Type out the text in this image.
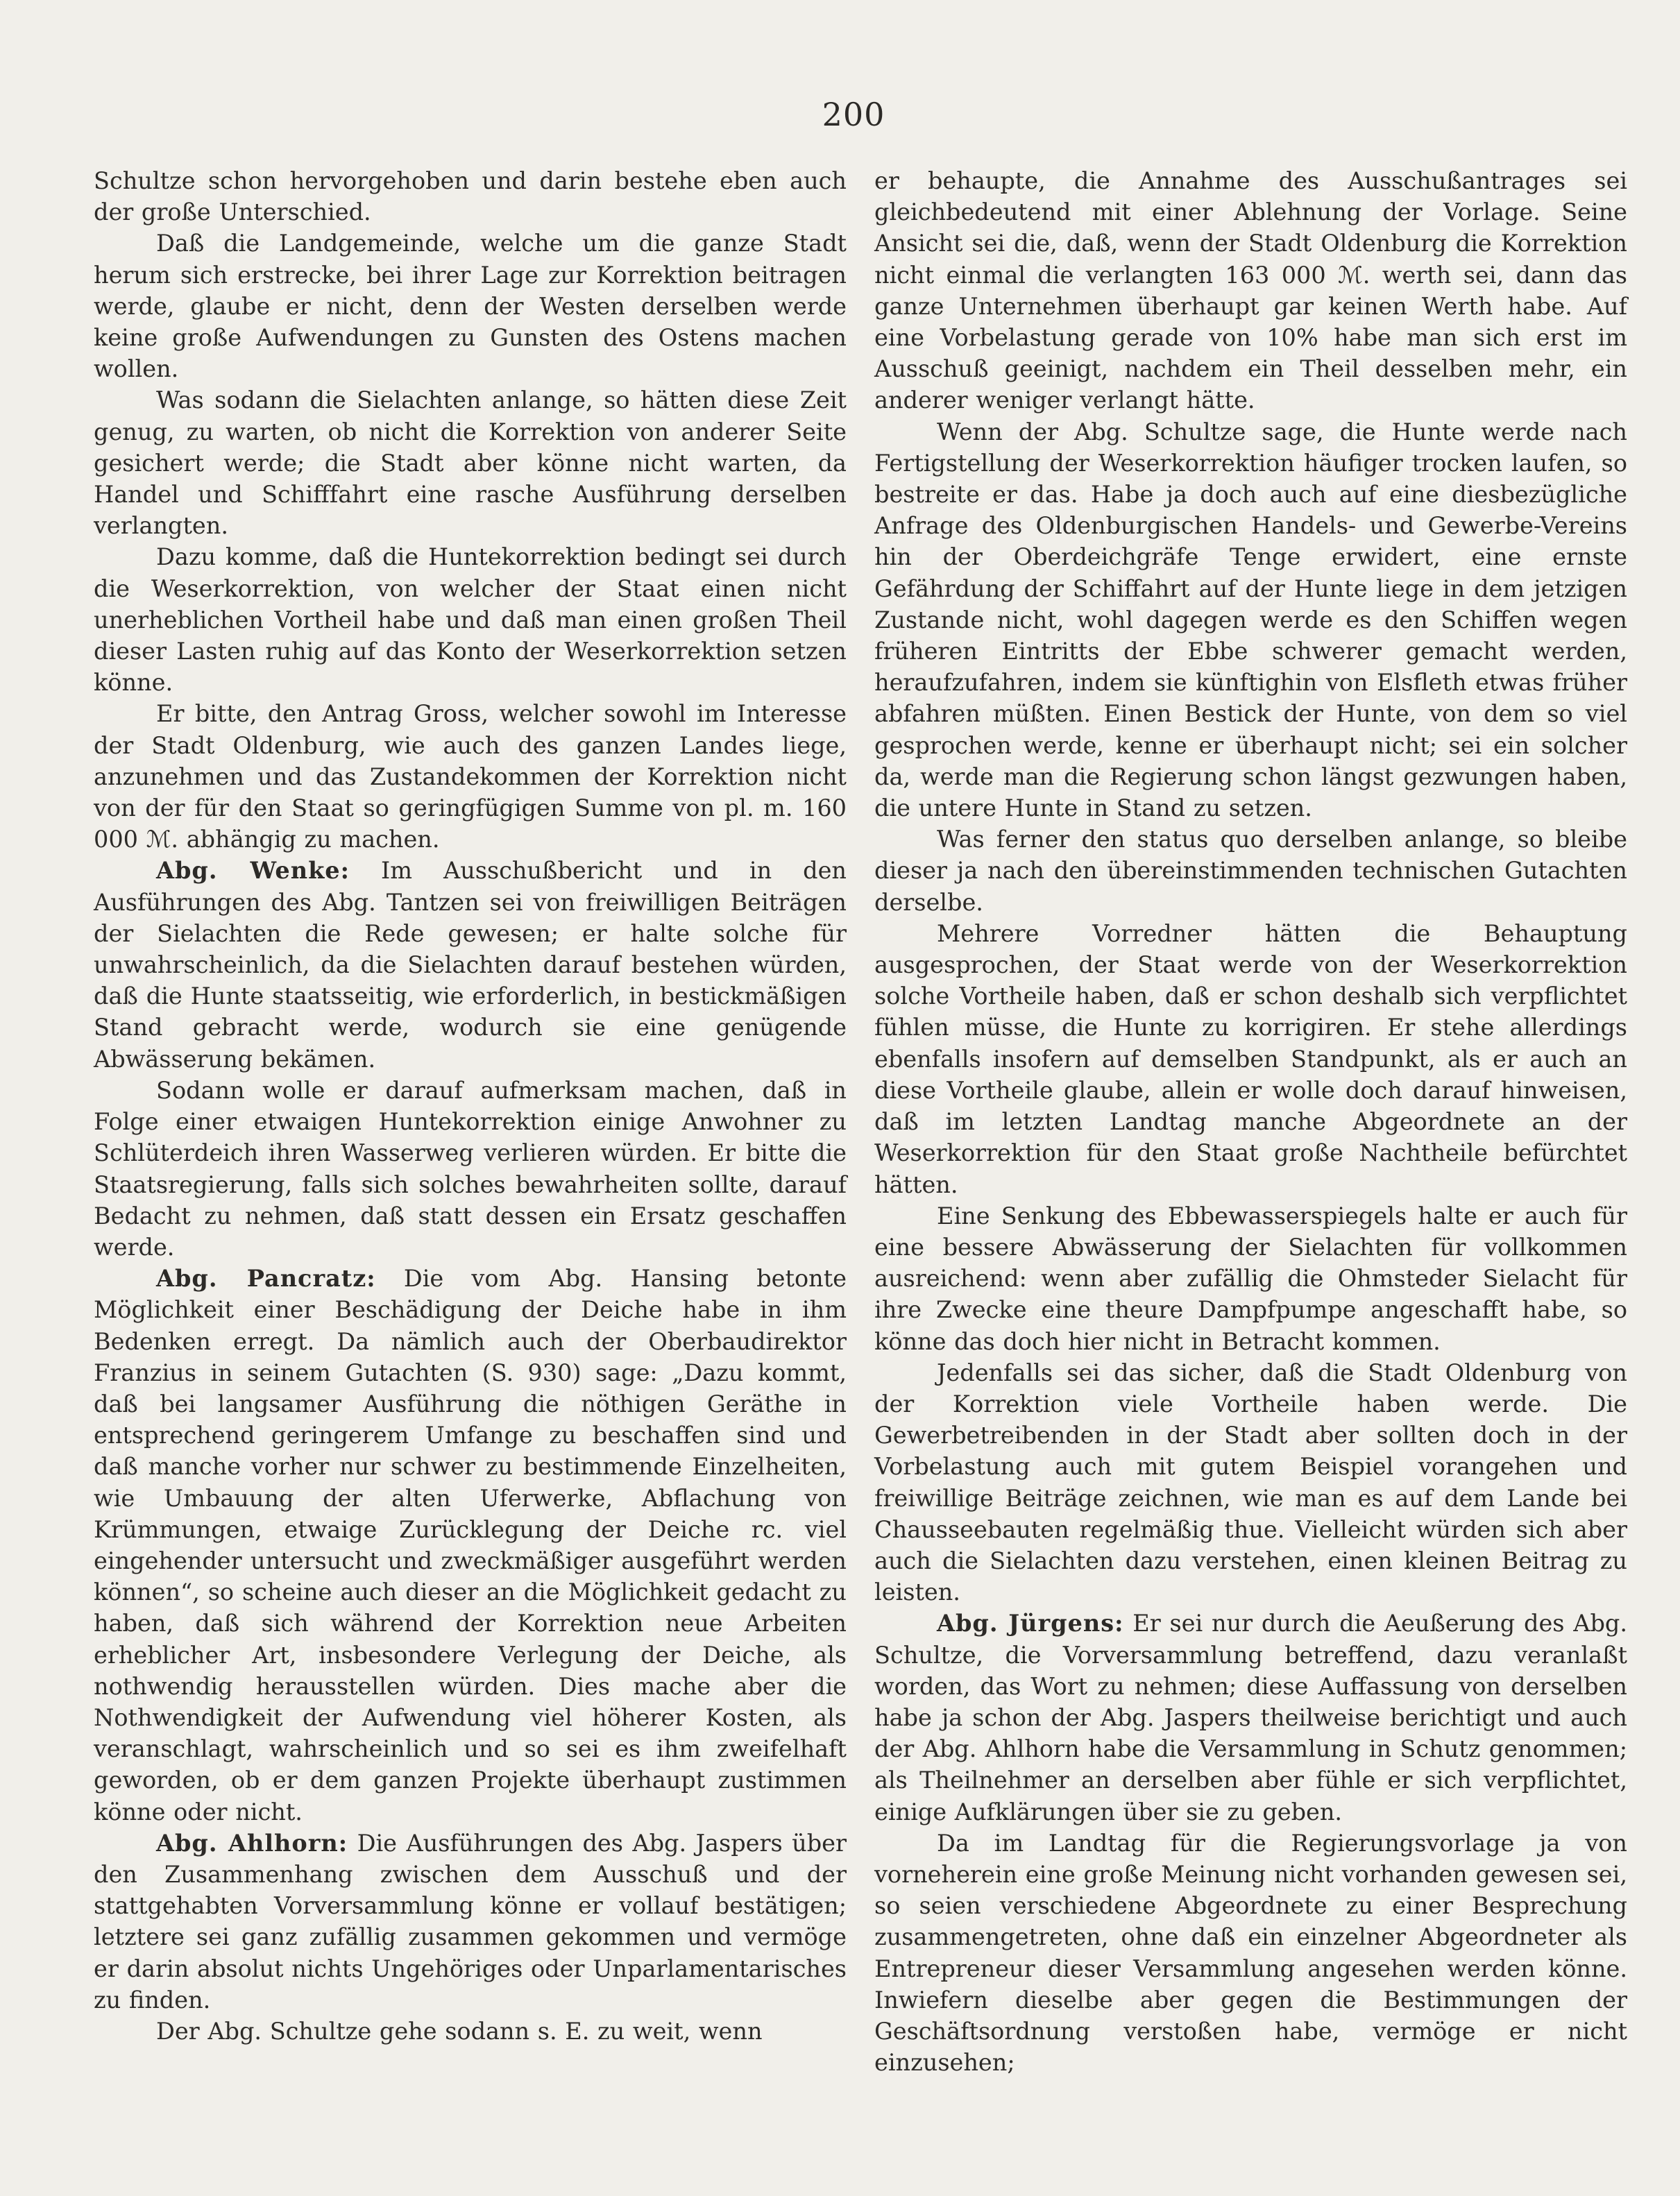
200

Schultze schon hervorgehoben und darin bestehe eben auch der große Unterschied.

Daß die Landgemeinde, welche um die ganze Stadt herum sich erstrecke, bei ihrer Lage zur Korrektion beitragen werde, glaube er nicht, denn der Westen derselben werde keine große Aufwendungen zu Gunsten des Ostens machen wollen.

Was sodann die Sielachten anlange, so hätten diese Zeit genug, zu warten, ob nicht die Korrektion von anderer Seite gesichert werde; die Stadt aber könne nicht warten, da Handel und Schifffahrt eine rasche Ausführung derselben verlangten.

Dazu komme, daß die Huntekorrektion bedingt sei durch die Weserkorrektion, von welcher der Staat einen nicht unerheblichen Vortheil habe und daß man einen großen Theil dieser Lasten ruhig auf das Konto der Weserkorrektion setzen könne.

Er bitte, den Antrag Gross, welcher sowohl im Interesse der Stadt Oldenburg, wie auch des ganzen Landes liege, anzunehmen und das Zustandekommen der Korrektion nicht von der für den Staat so geringfügigen Summe von pl. m. 160 000 ℳ. abhängig zu machen.

Abg. Wenke: Im Ausschußbericht und in den Ausführungen des Abg. Tantzen sei von freiwilligen Beiträgen der Sielachten die Rede gewesen; er halte solche für unwahrscheinlich, da die Sielachten darauf bestehen würden, daß die Hunte staatsseitig, wie erforderlich, in bestickmäßigen Stand gebracht werde, wodurch sie eine genügende Abwässerung bekämen.

Sodann wolle er darauf aufmerksam machen, daß in Folge einer etwaigen Huntekorrektion einige Anwohner zu Schlüterdeich ihren Wasserweg verlieren würden. Er bitte die Staatsregierung, falls sich solches bewahrheiten sollte, darauf Bedacht zu nehmen, daß statt dessen ein Ersatz geschaffen werde.

Abg. Pancratz: Die vom Abg. Hansing betonte Möglichkeit einer Beschädigung der Deiche habe in ihm Bedenken erregt. Da nämlich auch der Oberbaudirektor Franzius in seinem Gutachten (S. 930) sage: „Dazu kommt, daß bei langsamer Ausführung die nöthigen Geräthe in entsprechend geringerem Umfange zu beschaffen sind und daß manche vorher nur schwer zu bestimmende Einzelheiten, wie Umbauung der alten Uferwerke, Abflachung von Krümmungen, etwaige Zurücklegung der Deiche rc. viel eingehender untersucht und zweckmäßiger ausgeführt werden können“, so scheine auch dieser an die Möglichkeit gedacht zu haben, daß sich während der Korrektion neue Arbeiten erheblicher Art, insbesondere Verlegung der Deiche, als nothwendig herausstellen würden. Dies mache aber die Nothwendigkeit der Aufwendung viel höherer Kosten, als veranschlagt, wahrscheinlich und so sei es ihm zweifelhaft geworden, ob er dem ganzen Projekte überhaupt zustimmen könne oder nicht.

Abg. Ahlhorn: Die Ausführungen des Abg. Jaspers über den Zusammenhang zwischen dem Ausschuß und der stattgehabten Vorversammlung könne er vollauf bestätigen; letztere sei ganz zufällig zusammen gekommen und vermöge er darin absolut nichts Ungehöriges oder Unparlamentarisches zu finden.

Der Abg. Schultze gehe sodann s. E. zu weit, wenn

er behaupte, die Annahme des Ausschußantrages sei gleichbedeutend mit einer Ablehnung der Vorlage. Seine Ansicht sei die, daß, wenn der Stadt Oldenburg die Korrektion nicht einmal die verlangten 163 000 ℳ. werth sei, dann das ganze Unternehmen überhaupt gar keinen Werth habe. Auf eine Vorbelastung gerade von 10% habe man sich erst im Ausschuß geeinigt, nachdem ein Theil desselben mehr, ein anderer weniger verlangt hätte.

Wenn der Abg. Schultze sage, die Hunte werde nach Fertigstellung der Weserkorrektion häufiger trocken laufen, so bestreite er das. Habe ja doch auch auf eine diesbezügliche Anfrage des Oldenburgischen Handels- und Gewerbe-Vereins hin der Oberdeichgräfe Tenge erwidert, eine ernste Gefährdung der Schiffahrt auf der Hunte liege in dem jetzigen Zustande nicht, wohl dagegen werde es den Schiffen wegen früheren Eintritts der Ebbe schwerer gemacht werden, heraufzufahren, indem sie künftighin von Elsfleth etwas früher abfahren müßten. Einen Bestick der Hunte, von dem so viel gesprochen werde, kenne er überhaupt nicht; sei ein solcher da, werde man die Regierung schon längst gezwungen haben, die untere Hunte in Stand zu setzen.

Was ferner den status quo derselben anlange, so bleibe dieser ja nach den übereinstimmenden technischen Gutachten derselbe.

Mehrere Vorredner hätten die Behauptung ausgesprochen, der Staat werde von der Weserkorrektion solche Vortheile haben, daß er schon deshalb sich verpflichtet fühlen müsse, die Hunte zu korrigiren. Er stehe allerdings ebenfalls insofern auf demselben Standpunkt, als er auch an diese Vortheile glaube, allein er wolle doch darauf hinweisen, daß im letzten Landtag manche Abgeordnete an der Weserkorrektion für den Staat große Nachtheile befürchtet hätten.

Eine Senkung des Ebbewasserspiegels halte er auch für eine bessere Abwässerung der Sielachten für vollkommen ausreichend: wenn aber zufällig die Ohmsteder Sielacht für ihre Zwecke eine theure Dampfpumpe angeschafft habe, so könne das doch hier nicht in Betracht kommen.

Jedenfalls sei das sicher, daß die Stadt Oldenburg von der Korrektion viele Vortheile haben werde. Die Gewerbetreibenden in der Stadt aber sollten doch in der Vorbelastung auch mit gutem Beispiel vorangehen und freiwillige Beiträge zeichnen, wie man es auf dem Lande bei Chausseebauten regelmäßig thue. Vielleicht würden sich aber auch die Sielachten dazu verstehen, einen kleinen Beitrag zu leisten.

Abg. Jürgens: Er sei nur durch die Aeußerung des Abg. Schultze, die Vorversammlung betreffend, dazu veranlaßt worden, das Wort zu nehmen; diese Auffassung von derselben habe ja schon der Abg. Jaspers theilweise berichtigt und auch der Abg. Ahlhorn habe die Versammlung in Schutz genommen; als Theilnehmer an derselben aber fühle er sich verpflichtet, einige Aufklärungen über sie zu geben.

Da im Landtag für die Regierungsvorlage ja von vorneherein eine große Meinung nicht vorhanden gewesen sei, so seien verschiedene Abgeordnete zu einer Besprechung zusammengetreten, ohne daß ein einzelner Abgeordneter als Entrepreneur dieser Versammlung angesehen werden könne. Inwiefern dieselbe aber gegen die Bestimmungen der Geschäftsordnung verstoßen habe, vermöge er nicht einzusehen;
